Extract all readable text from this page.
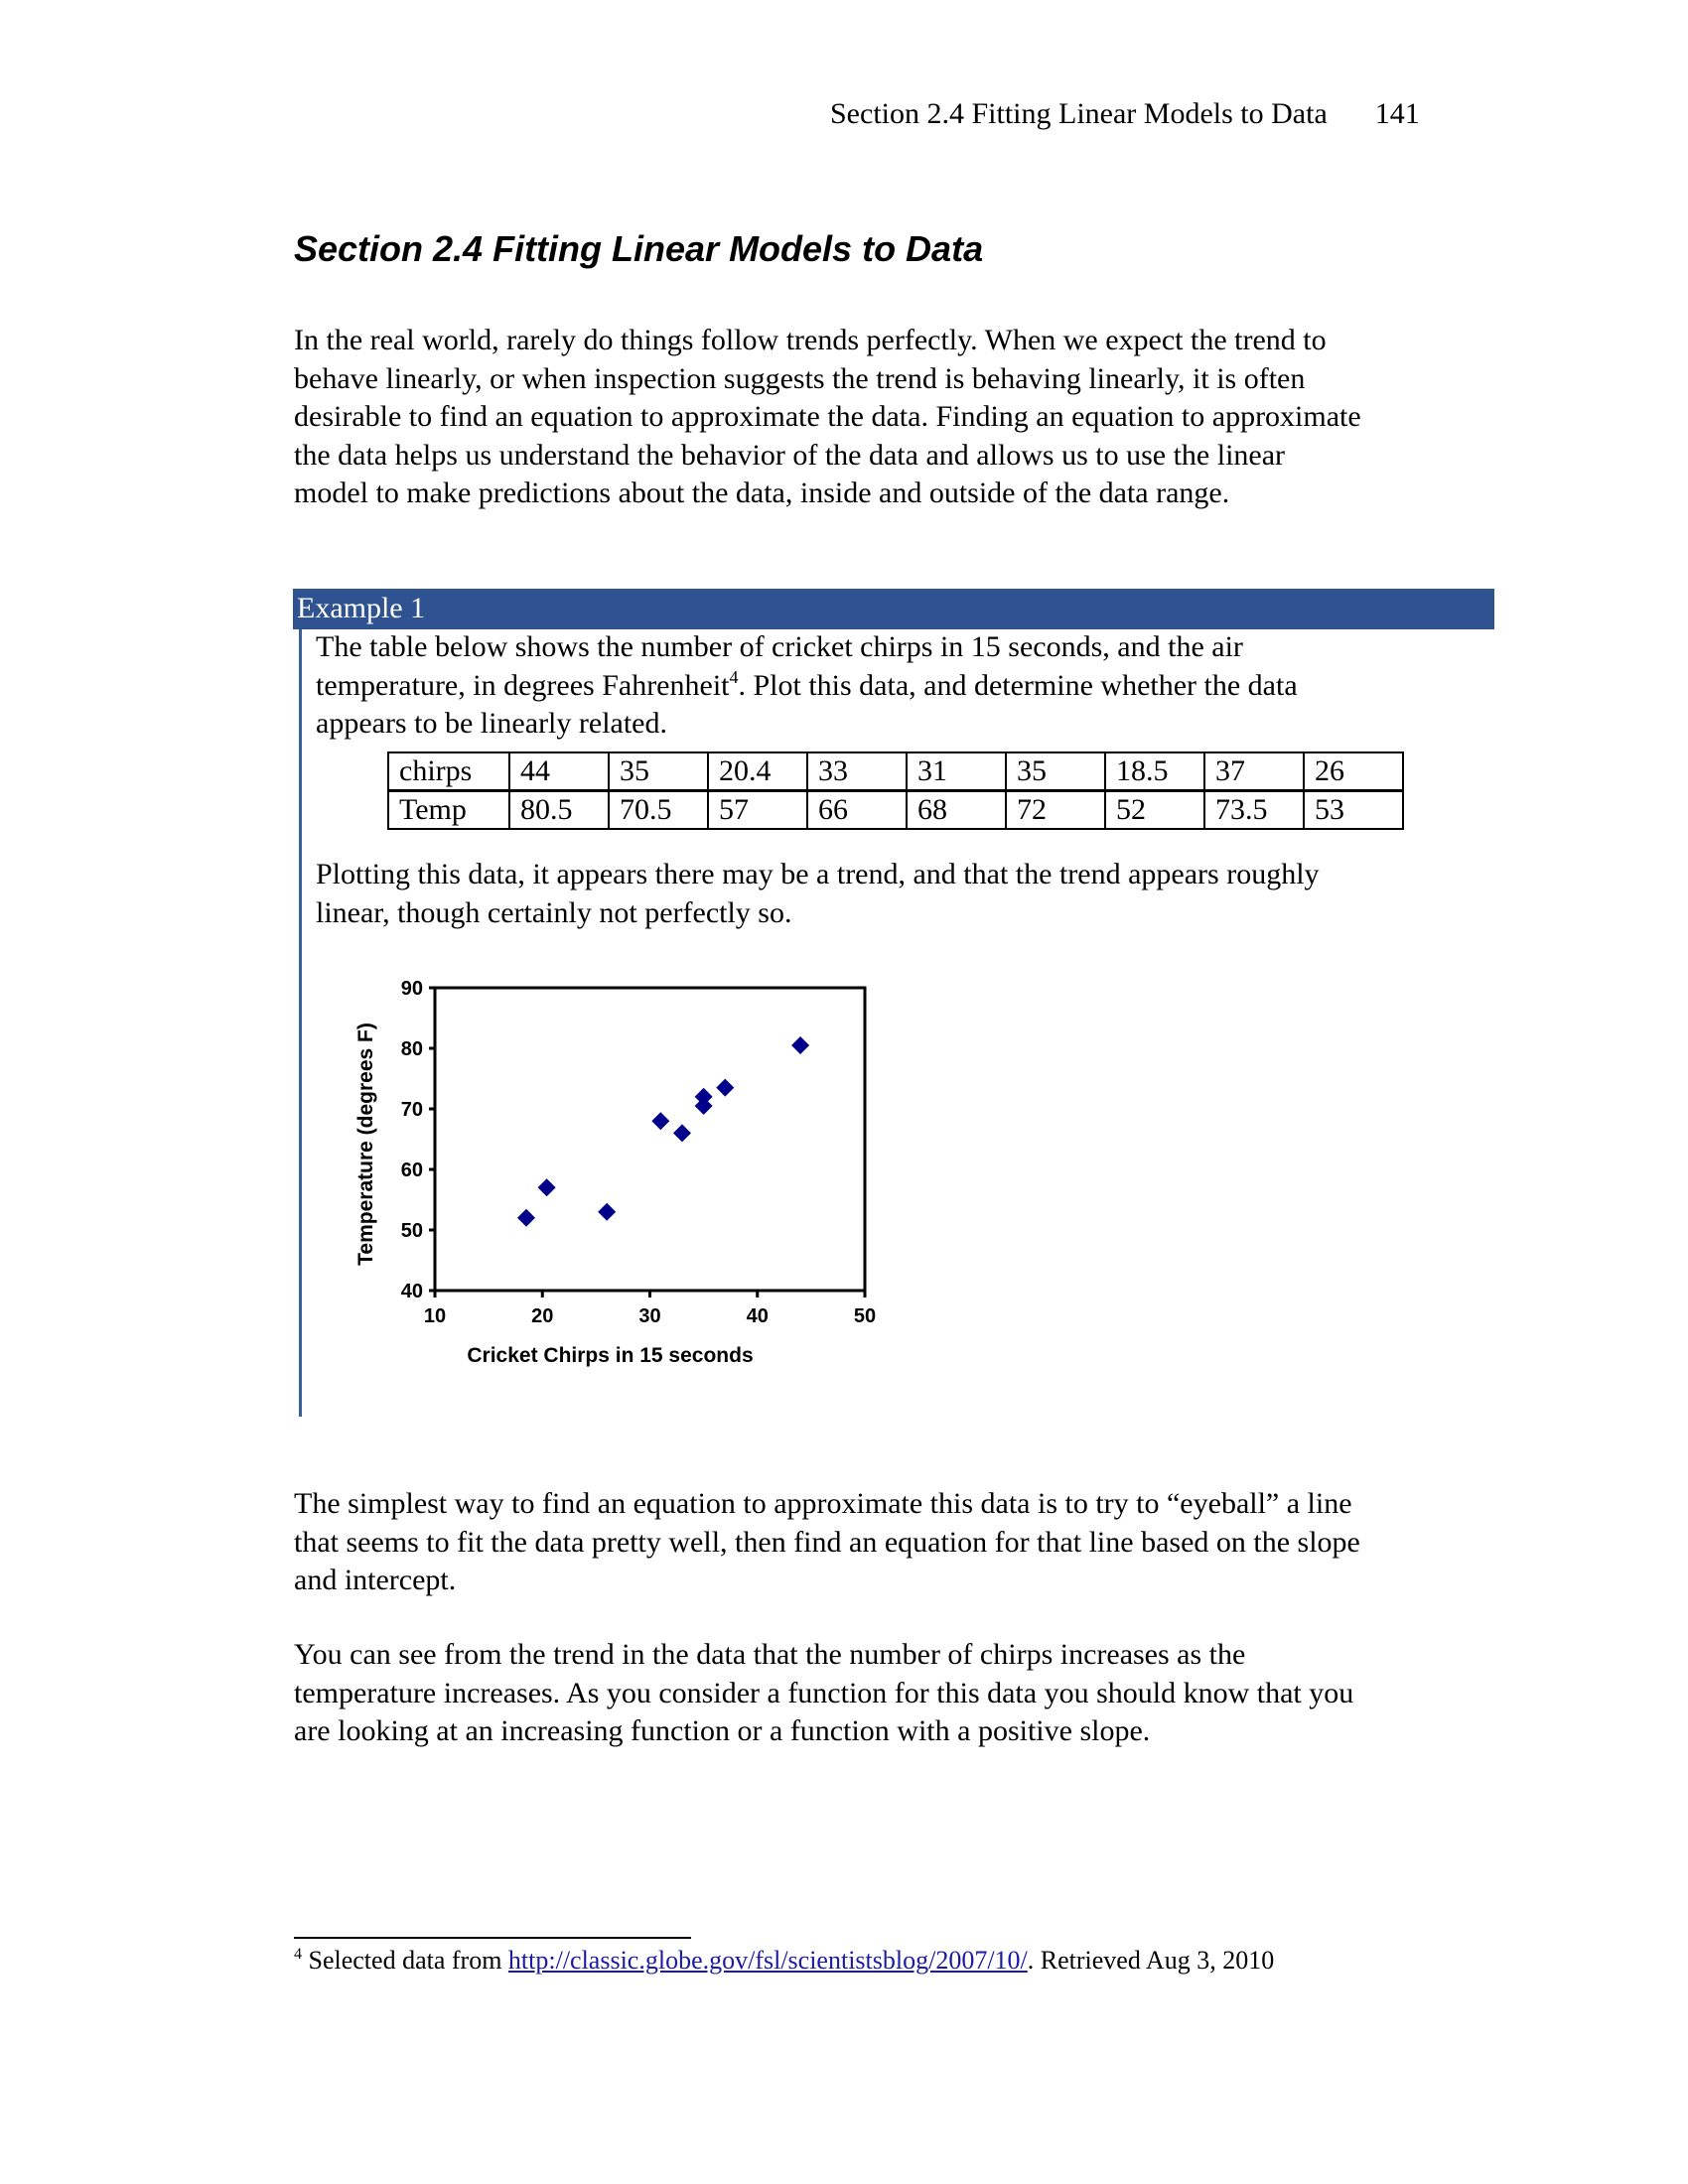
Section 2.4 Fitting Linear Models to Data 141
Section 2.4 Fitting Linear Models to Data
In the real world, rarely do things follow trends perfectly. When we expect the trend to
behave linearly, or when inspection suggests the trend is behaving linearly, it is often
desirable to find an equation to approximate the data. Finding an equation to approximate
the data helps us understand the behavior of the data and allows us to use the linear
model to make predictions about the data, inside and outside of the data range.
Example 1
The table below shows the number of cricket chirps in 15 seconds, and the air
temperature, in degrees Fahrenheit$^4$. Plot this data, and determine whether the data
appears to be linearly related.
chirps	44	35	20.4	33	31	35	18.5	37	26
Temp	80.5	70.5	57	66	68	72	52	73.5	53
Plotting this data, it appears there may be a trend, and that the trend appears roughly
linear, though certainly not perfectly so.
40
50
60
70
80
90
10	20	30	40	50
Cricket Chirps in 15 seconds
Temperature (degrees F)
The simplest way to find an equation to approximate this data is to try to “eyeball” a line
that seems to fit the data pretty well, then find an equation for that line based on the slope
and intercept.
You can see from the trend in the data that the number of chirps increases as the
temperature increases. As you consider a function for this data you should know that you
are looking at an increasing function or a function with a positive slope.
$^4$ Selected data from http://classic.globe.gov/fsl/scientistsblog/2007/10/. Retrieved Aug 3, 2010
